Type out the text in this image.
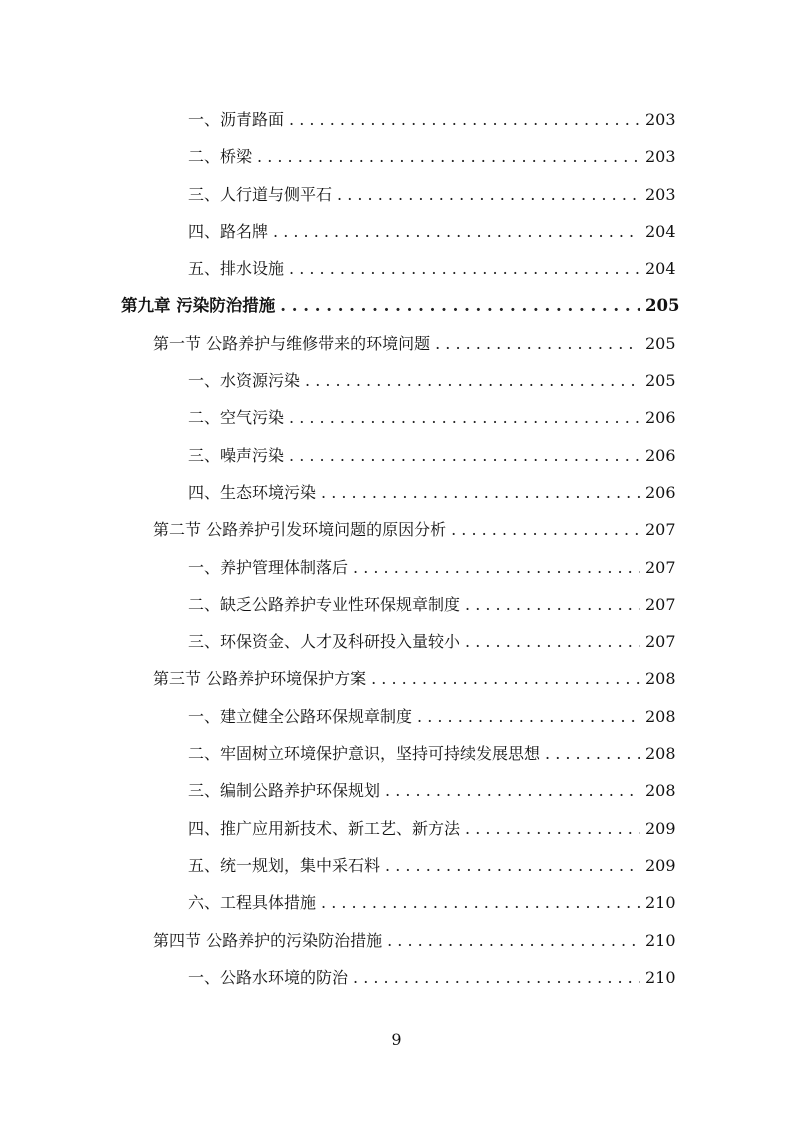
一、沥青路面 . . .	203
二、桥梁 . . .	203
三、人行道与侧平石 . . .	203
四、路名牌 . . .	204
五、排水设施 . . .	204
第九章 污染防治措施 . . .	205
第一节 公路养护与维修带来的环境问题 . . .	205
一、水资源污染 . . .	205
二、空气污染 . . .	206
三、噪声污染 . . .	206
四、生态环境污染 . . .	206
第二节 公路养护引发环境问题的原因分析 . . .	207
一、养护管理体制落后 . . .	207
二、缺乏公路养护专业性环保规章制度 . . .	207
三、环保资金、人才及科研投入量较小 . . .	207
第三节 公路养护环境保护方案 . . .	208
一、建立健全公路环保规章制度 . . .	208
二、牢固树立环境保护意识，坚持可持续发展思想 . . .	208
三、编制公路养护环保规划 . . .	208
四、推广应用新技术、新工艺、新方法 . . .	209
五、统一规划，集中采石料 . . .	209
六、工程具体措施 . . .	210
第四节 公路养护的污染防治措施 . . .	210
一、公路水环境的防治 . . .	210
9
